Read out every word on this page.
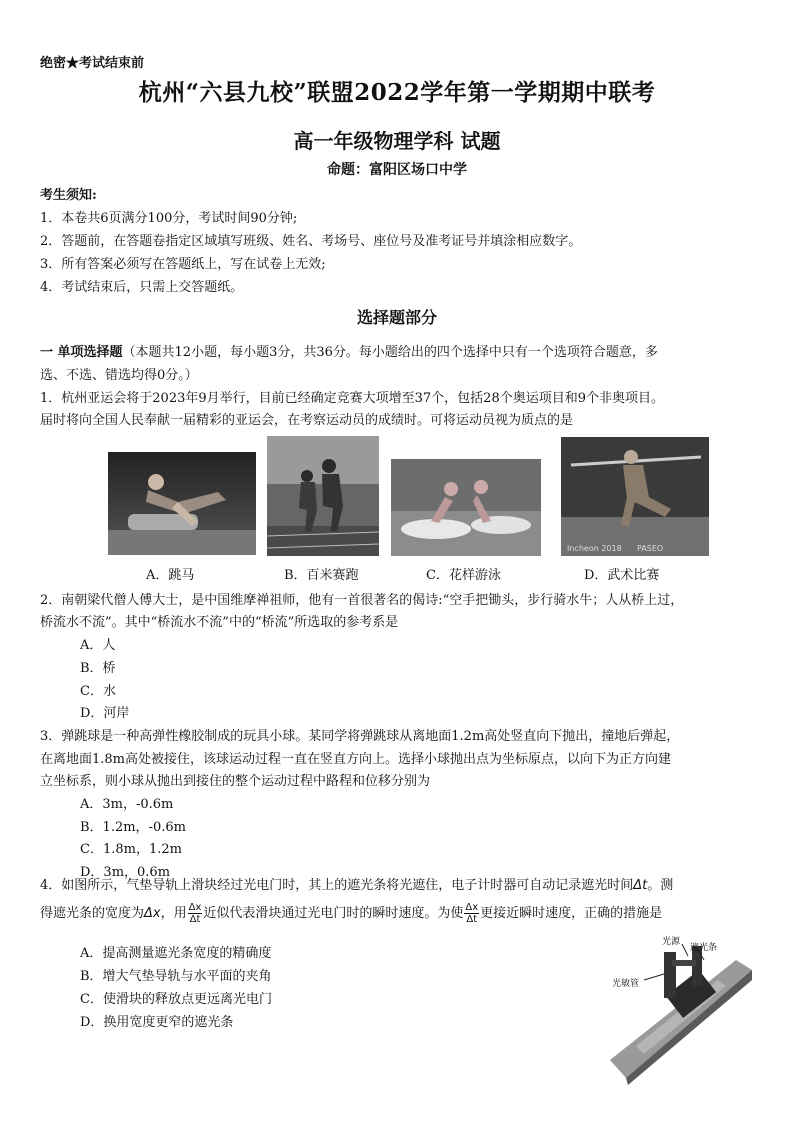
绝密★考试结束前
杭州“六县九校”联盟2022学年第一学期期中联考
高一年级物理学科 试题
命题：富阳区场口中学
考生须知:
1．本卷共6页满分100分，考试时间90分钟;
2．答题前，在答题卷指定区域填写班级、姓名、考场号、座位号及准考证号并填涂相应数字。
3．所有答案必须写在答题纸上，写在试卷上无效;
4．考试结束后，只需上交答题纸。
选择题部分
一 单项选择题（本题共12小题，每小题3分，共36分。每小题给出的四个选择中只有一个选项符合题意，多
选、不选、错选均得0分。）
1．杭州亚运会将于2023年9月举行，目前已经确定竞赛大项增至37个，包括28个奥运项目和9个非奥项目。
届时将向全国人民奉献一届精彩的亚运会，在考察运动员的成绩时。可将运动员视为质点的是
Incheon 2018 PASEO
A．跳马	B．百米赛跑	C．花样游泳	D．武术比赛
2．南朝梁代僧人傅大士，是中国维摩禅祖师，他有一首很著名的偈诗:“空手把锄头，步行骑水牛；人从桥上过，
桥流水不流”。其中“桥流水不流”中的“桥流”所选取的参考系是
A．人
B．桥
C．水
D．河岸
3．弹跳球是一种高弹性橡胶制成的玩具小球。某同学将弹跳球从离地面1.2m高处竖直向下抛出，撞地后弹起，
在离地面1.8m高处被接住，该球运动过程一直在竖直方向上。选择小球抛出点为坐标原点，以向下为正方向建
立坐标系，则小球从抛出到接住的整个运动过程中路程和位移分别为
A．3m，-0.6m
B．1.2m，-0.6m
C．1.8m，1.2m
D．3m，0.6m
4．如图所示，气垫导轨上滑块经过光电门时，其上的遮光条将光遮住，电子计时器可自动记录遮光时间Δt。测
得遮光条的宽度为Δx，用 $\frac{\Delta x}{\Delta t}$ 近似代表滑块通过光电门时的瞬时速度。为使 $\frac{\Delta x}{\Delta t}$ 更接近瞬时速度，正确的措施是
A．提高测量遮光条宽度的精确度
B．增大气垫导轨与水平面的夹角
C．使滑块的释放点更远离光电门
D．换用宽度更窄的遮光条
光源
遮光条
光敏管
